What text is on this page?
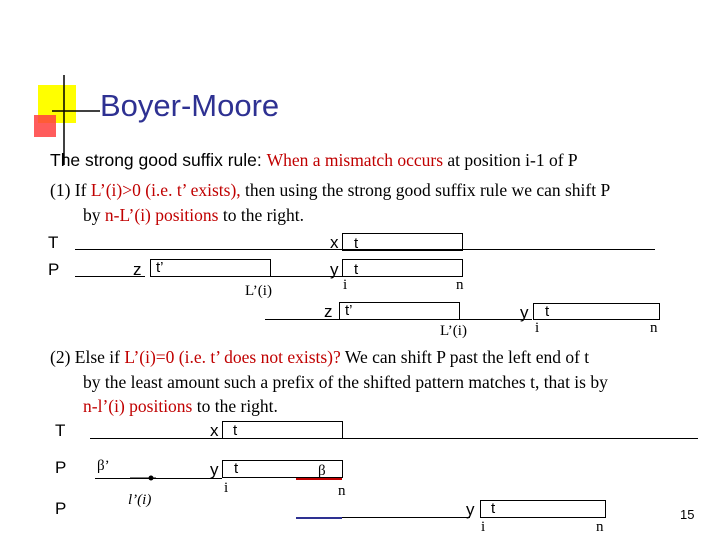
Boyer-Moore
The strong good suffix rule: When a mismatch occurs at position i-1 of P
(1) If L’(i)>0 (i.e. t’ exists), then using the strong good suffix rule we can shift P
by n-L’(i) positions to the right.
T	x t
P	z t’	y t
i	n
L’(i)
z t’	y t
i	n
L’(i)
(2) Else if L’(i)=0 (i.e. t’ does not exists)? We can shift P past the left end of t
by the least amount such a prefix of the shifted pattern matches t, that is by
n-l’(i) positions to the right.
T	x t
P β’	y t
i	n
β
P	l’(i)	y t
i	n
15
